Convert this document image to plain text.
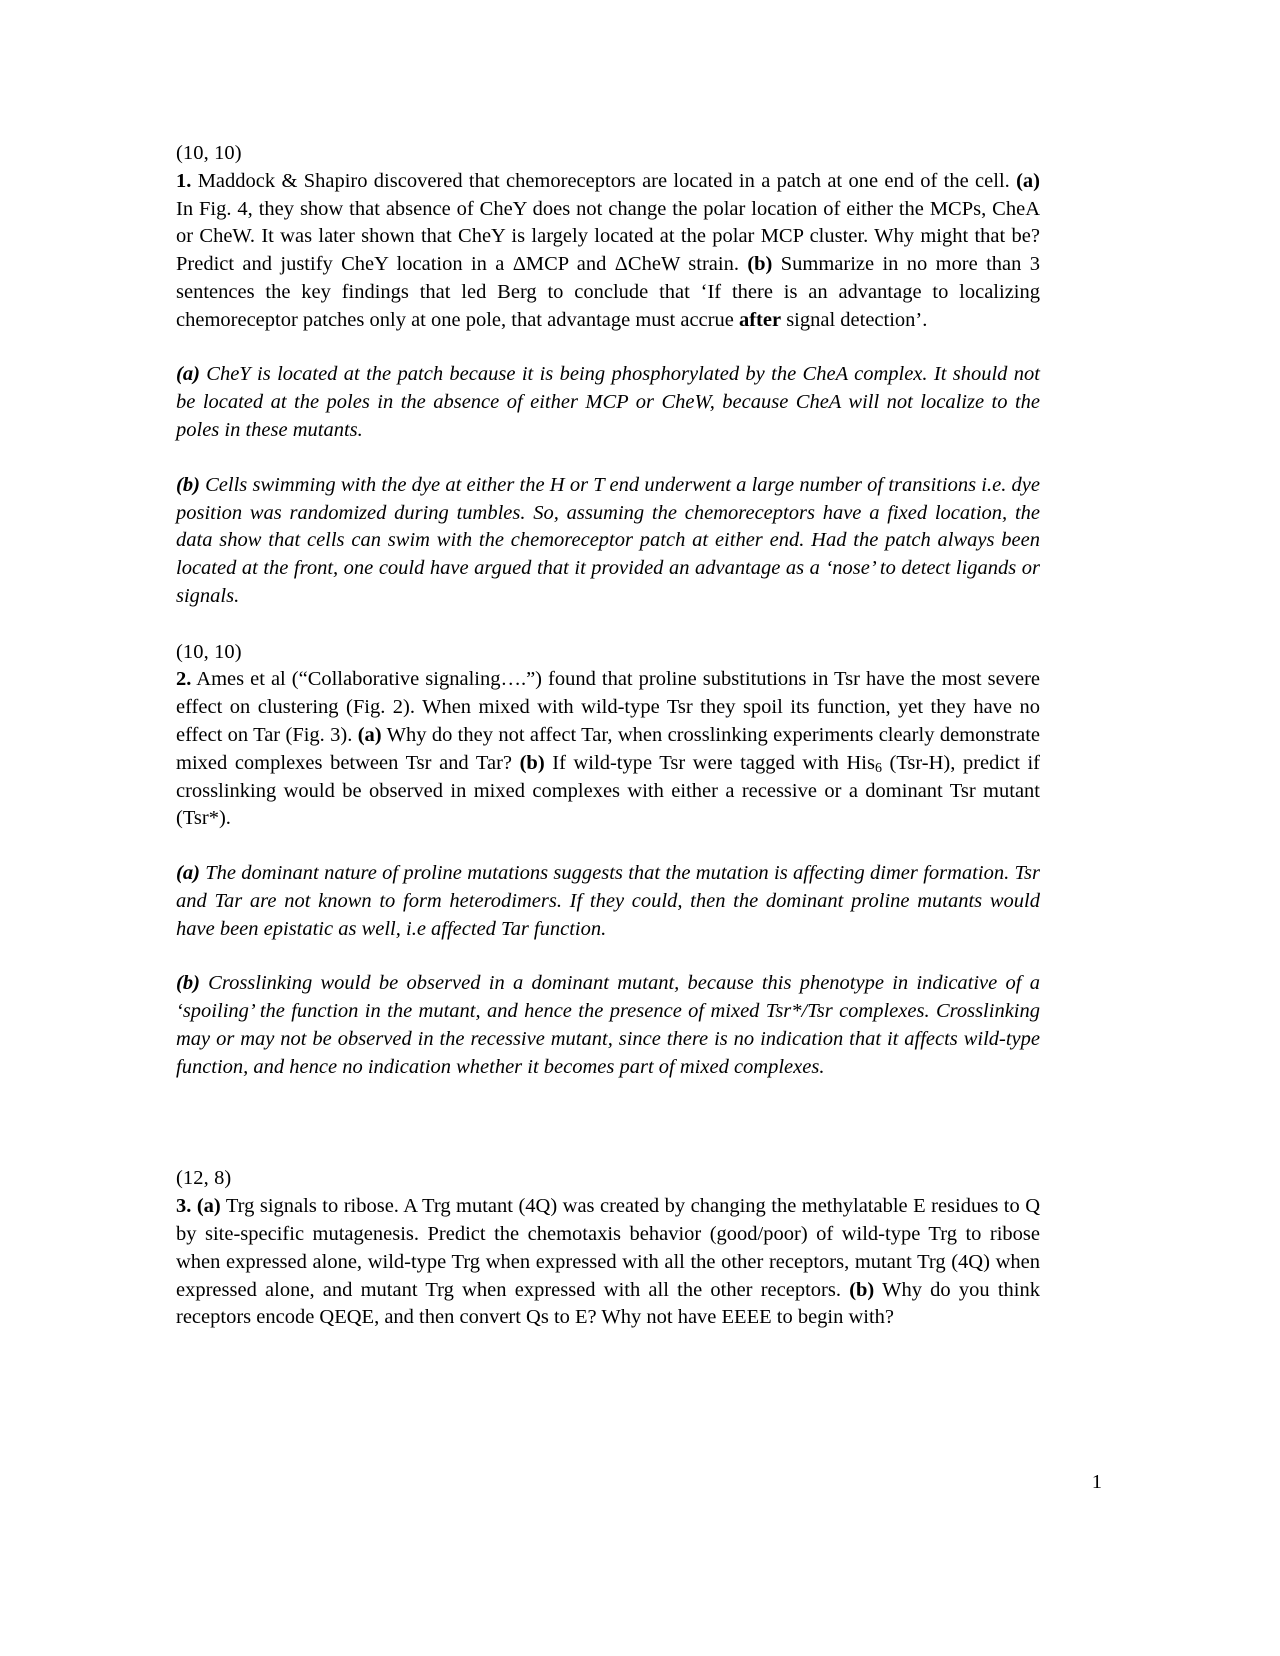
(10, 10)

1. Maddock & Shapiro discovered that chemoreceptors are located in a patch at one end of the cell. (a) In Fig. 4, they show that absence of CheY does not change the polar location of either the MCPs, CheA or CheW. It was later shown that CheY is largely located at the polar MCP cluster. Why might that be? Predict and justify CheY location in a ΔMCP and ΔCheW strain. (b) Summarize in no more than 3 sentences the key findings that led Berg to conclude that ‘If there is an advantage to localizing chemoreceptor patches only at one pole, that advantage must accrue after signal detection’.

(a) CheY is located at the patch because it is being phosphorylated by the CheA complex. It should not be located at the poles in the absence of either MCP or CheW, because CheA will not localize to the poles in these mutants.

(b) Cells swimming with the dye at either the H or T end underwent a large number of transitions i.e. dye position was randomized during tumbles. So, assuming the chemoreceptors have a fixed location, the data show that cells can swim with the chemoreceptor patch at either end. Had the patch always been located at the front, one could have argued that it provided an advantage as a ‘nose’ to detect ligands or signals.

(10, 10)

2. Ames et al (“Collaborative signaling….”) found that proline substitutions in Tsr have the most severe effect on clustering (Fig. 2). When mixed with wild-type Tsr they spoil its function, yet they have no effect on Tar (Fig. 3). (a) Why do they not affect Tar, when crosslinking experiments clearly demonstrate mixed complexes between Tsr and Tar? (b) If wild-type Tsr were tagged with His$_6$ (Tsr-H), predict if crosslinking would be observed in mixed complexes with either a recessive or a dominant Tsr mutant (Tsr*).

(a) The dominant nature of proline mutations suggests that the mutation is affecting dimer formation. Tsr and Tar are not known to form heterodimers. If they could, then the dominant proline mutants would have been epistatic as well, i.e affected Tar function.

(b) Crosslinking would be observed in a dominant mutant, because this phenotype in indicative of a ‘spoiling’ the function in the mutant, and hence the presence of mixed Tsr*/Tsr complexes. Crosslinking may or may not be observed in the recessive mutant, since there is no indication that it affects wild-type function, and hence no indication whether it becomes part of mixed complexes.

(12, 8)

3. (a) Trg signals to ribose. A Trg mutant (4Q) was created by changing the methylatable E residues to Q by site-specific mutagenesis. Predict the chemotaxis behavior (good/poor) of wild-type Trg to ribose when expressed alone, wild-type Trg when expressed with all the other receptors, mutant Trg (4Q) when expressed alone, and mutant Trg when expressed with all the other receptors. (b) Why do you think receptors encode QEQE, and then convert Qs to E? Why not have EEEE to begin with?

1
